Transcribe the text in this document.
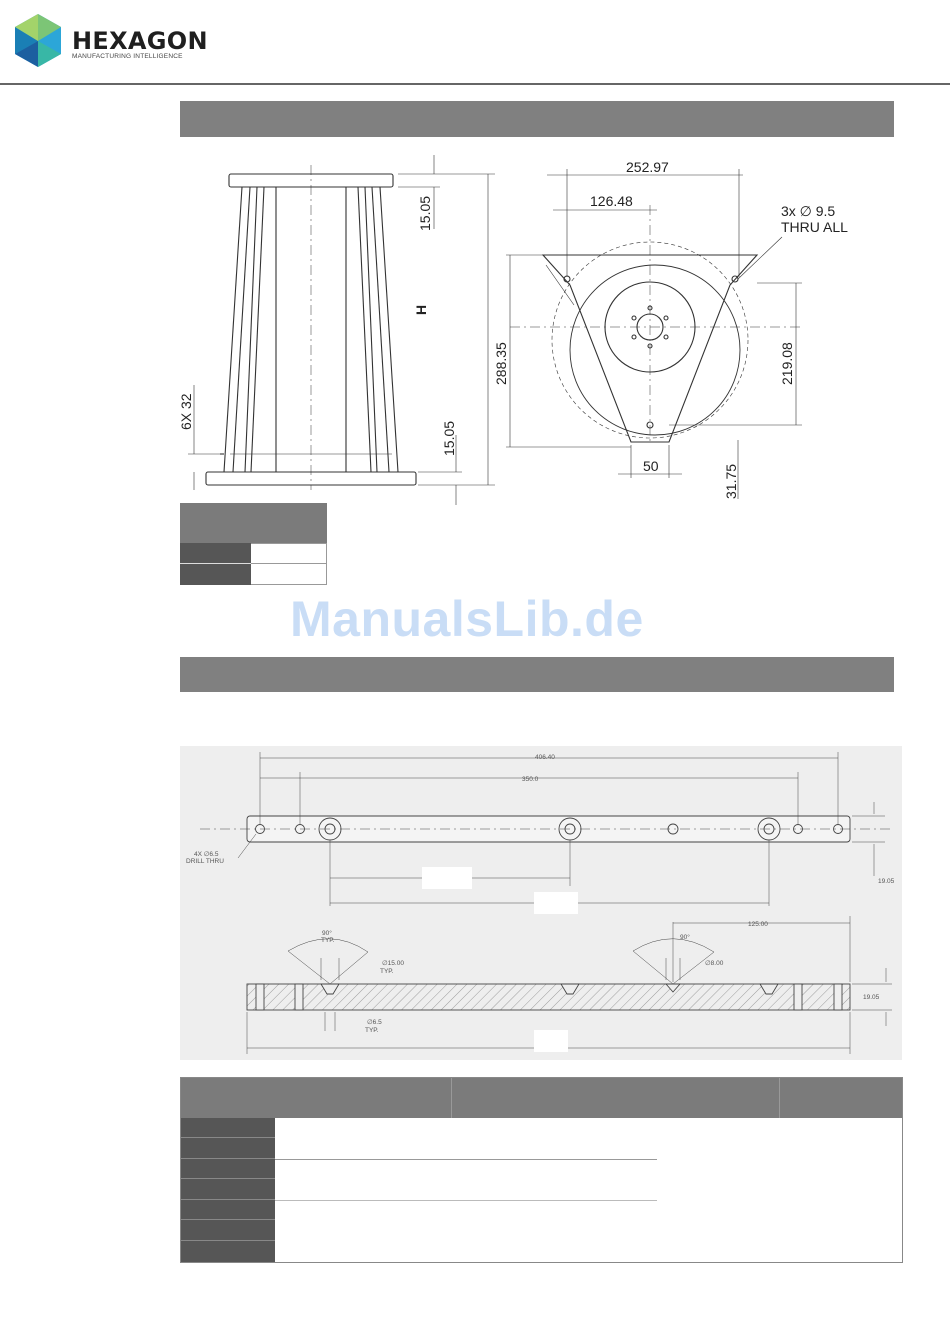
HEXAGON
MANUFACTURING INTELLIGENCE
15.05
H
6X 32
15.05
252.97
126.48
3x ∅ 9.5
THRU ALL
288.35	219.08
50	31.75
ManualsLib.de
406.40
350.0
4X ∅6.5
DRILL THRU
19.05
125.00
90°
TYP.
∅15.00
TYP.
90°
∅8.00
19.05
∅6.5
TYP.
